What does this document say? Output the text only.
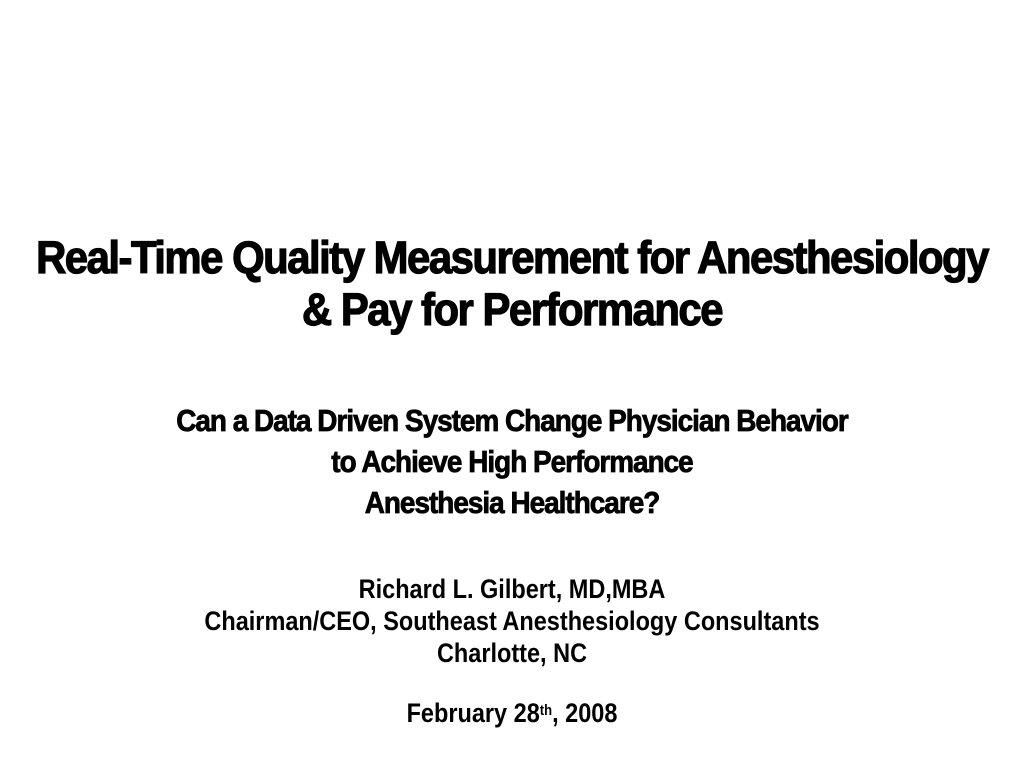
Real-Time Quality Measurement for Anesthesiology
& Pay for Performance
Can a Data Driven System Change Physician Behavior
to Achieve High Performance
Anesthesia Healthcare?
Richard L. Gilbert, MD,MBA
Chairman/CEO, Southeast Anesthesiology Consultants
Charlotte, NC
February 28th, 2008
